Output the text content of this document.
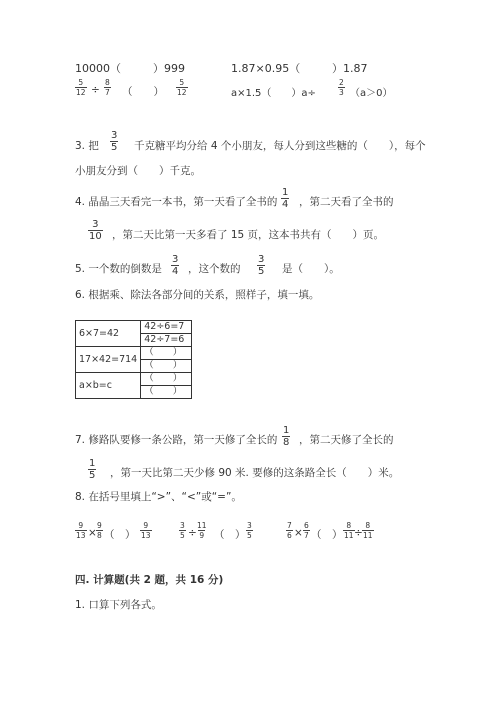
10000（	）999	1.87×0.95（	）1.87
$\frac{5}{12} \div \frac{8}{7}$ （　　） $\frac{5}{12}$	a×1.5（　　）a÷	$\frac{2}{3} (a>0)$
3. 把 $\frac{3}{5}$ 千克糖平均分给 4 个小朋友，每人分到这些糖的（　　），每个
小朋友分到（　　）千克。
4. 晶晶三天看完一本书，第一天看了全书的 $\frac{1}{4}$ ，第二天看了全书的
$\frac{3}{10}$ ，第二天比第一天多看了 15 页，这本书共有（　　）页。
5. 一个数的倒数是 $\frac{3}{4}$ ，这个数的 $\frac{3}{5}$ 是（　　）。
6. 根据乘、除法各部分间的关系，照样子，填一填。
6×7=42	42÷6=7
	42÷7=6
17×42=714	（　　）
	（　　）
a×b=c	（　　）
	（　　）
7. 修路队要修一条公路，第一天修了全长的 $\frac{1}{8}$ ，第二天修了全长的
$\frac{1}{5}$ ，第一天比第二天少修 90 米. 要修的这条路全长（　　）米。
8. 在括号里填上“>”、“<”或“=”。
$\frac{9}{13} \times \frac{9}{8}$ （　） $\frac{9}{13}$	$\frac{3}{5} \div \frac{11}{9}$ （　） $\frac{3}{5}$	$\frac{7}{6} \times \frac{6}{7}$ （　） $\frac{8}{11} \div \frac{8}{11}$
四. 计算题(共 2 题，共 16 分)
1. 口算下列各式。
